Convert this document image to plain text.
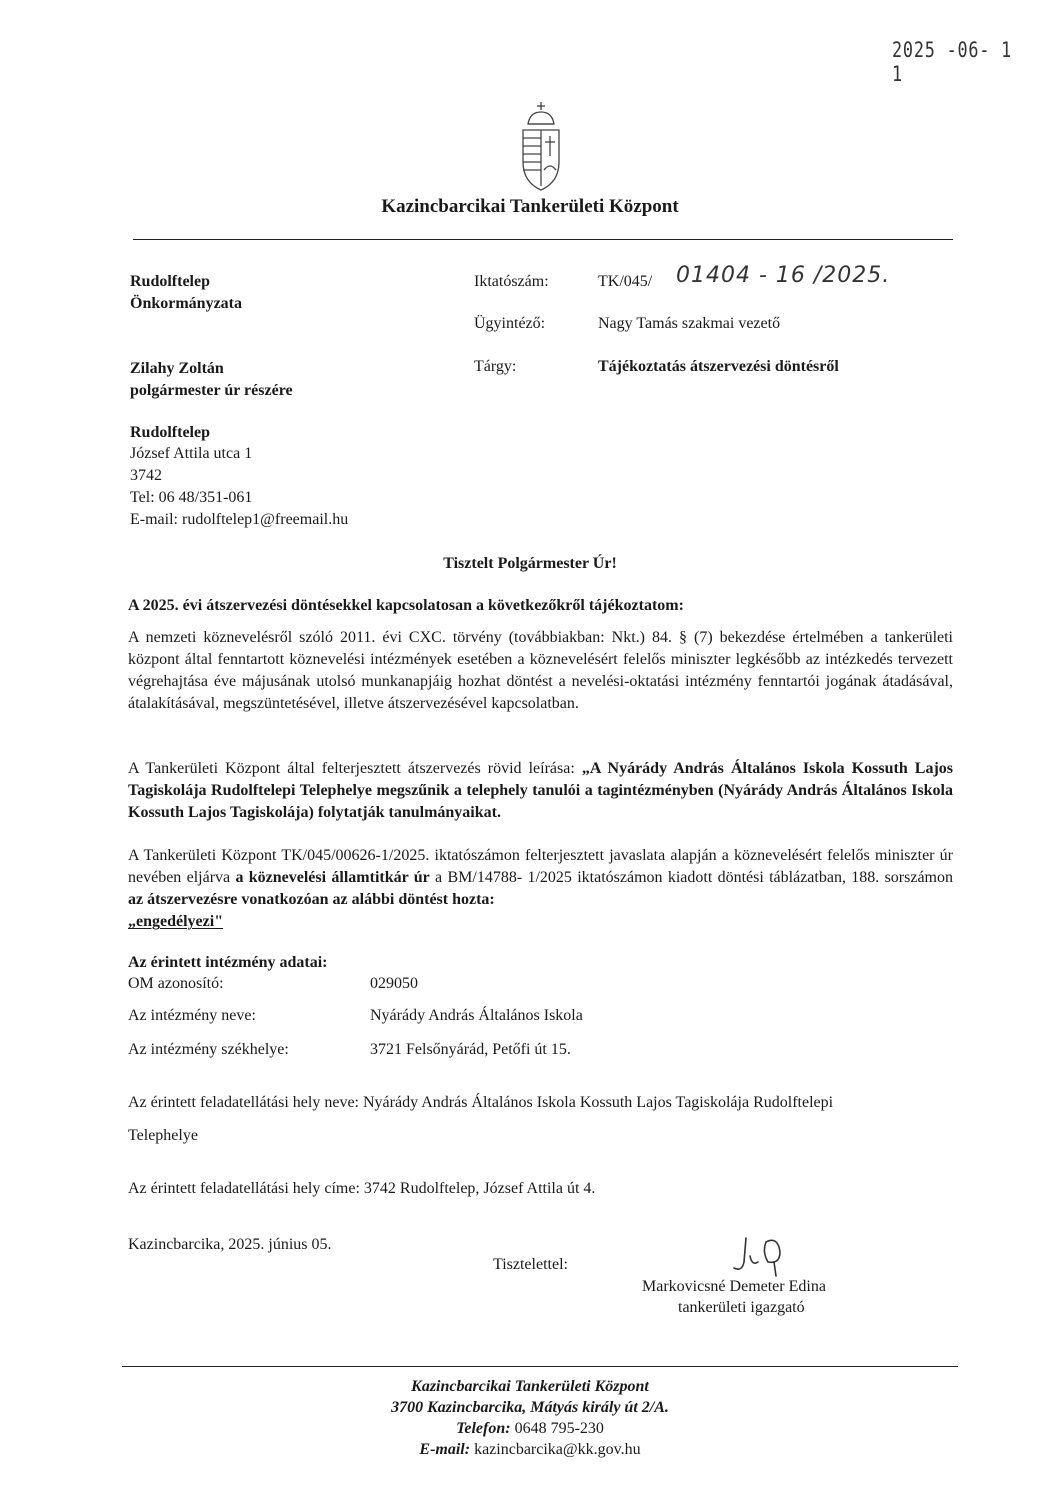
2025 -06- 1 1
Kazincbarcikai Tankerületi Központ
Rudolftelep
Önkormányzata
Zilahy Zoltán
polgármester úr részére
Rudolftelep
József Attila utca 1
3742
Tel: 06 48/351-061
E-mail: rudolftelep1@freemail.hu
Iktatószám:	TK/045/ 01404 - 16 /2025.
Ügyintéző:	Nagy Tamás szakmai vezető
Tárgy:	Tájékoztatás átszervezési döntésről
Tisztelt Polgármester Úr!
A 2025. évi átszervezési döntésekkel kapcsolatosan a következőkről tájékoztatom:
A nemzeti köznevelésről szóló 2011. évi CXC. törvény (továbbiakban: Nkt.) 84. § (7) bekezdése értelmében a tankerületi központ által fenntartott köznevelési intézmények esetében a köznevelésért felelős miniszter legkésőbb az intézkedés tervezett végrehajtása éve májusának utolsó munkanapjáig hozhat döntést a nevelési-oktatási intézmény fenntartói jogának átadásával, átalakításával, megszüntetésével, illetve átszervezésével kapcsolatban.
A Tankerületi Központ által felterjesztett átszervezés rövid leírása: „A Nyárády András Általános Iskola Kossuth Lajos Tagiskolája Rudolftelepi Telephelye megszűnik a telephely tanulói a tagintézményben (Nyárády András Általános Iskola Kossuth Lajos Tagiskolája) folytatják tanulmányaikat.
A Tankerületi Központ TK/045/00626-1/2025. iktatószámon felterjesztett javaslata alapján a köznevelésért felelős miniszter úr nevében eljárva a köznevelési államtitkár úr a BM/14788- 1/2025 iktatószámon kiadott döntési táblázatban, 188. sorszámon az átszervezésre vonatkozóan az alábbi döntést hozta:
„engedélyezi"
Az érintett intézmény adatai:
OM azonosító:	029050
Az intézmény neve:	Nyárády András Általános Iskola
Az intézmény székhelye:	3721 Felsőnyárád, Petőfi út 15.
Az érintett feladatellátási hely neve: Nyárády András Általános Iskola Kossuth Lajos Tagiskolája Rudolftelepi
Telephelye
Az érintett feladatellátási hely címe: 3742 Rudolftelep, József Attila út 4.
Kazincbarcika, 2025. június 05.
Tisztelettel:
Markovicsné Demeter Edina
tankerületi igazgató
Kazincbarcikai Tankerületi Központ
3700 Kazincbarcika, Mátyás király út 2/A.
Telefon: 0648 795-230
E-mail: kazincbarcika@kk.gov.hu
